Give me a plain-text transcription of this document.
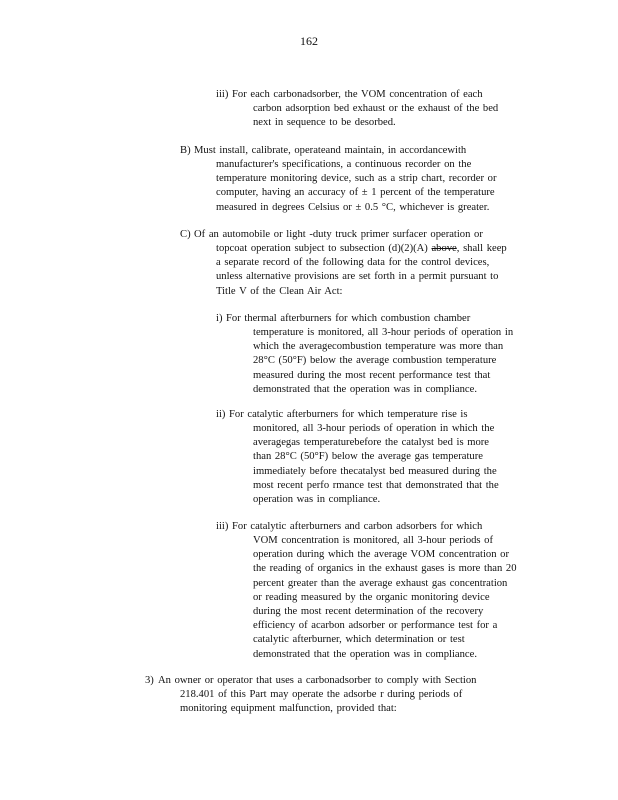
162
iii) For each carbonadsorber, the VOM concentration of each
carbon adsorption bed exhaust or the exhaust of the bed
next in sequence to be desorbed.
B) Must install, calibrate, operateand maintain, in accordancewith
manufacturer's specifications, a continuous recorder on the
temperature monitoring device, such as a strip chart, recorder or
computer, having an accuracy of ± 1 percent of the temperature
measured in degrees Celsius or ± 0.5 °C, whichever is greater.
C) Of an automobile or light -duty truck primer surfacer operation or
topcoat operation subject to subsection (d)(2)(A) above, shall keep
a separate record of the following data for the control devices,
unless alternative provisions are set forth in a permit pursuant to
Title V of the Clean Air Act:
i) For thermal afterburners for which combustion chamber
temperature is monitored, all 3-hour periods of operation in
which the averagecombustion temperature was more than
28°C (50°F) below the average combustion temperature
measured during the most recent performance test that
demonstrated that the operation was in compliance.
ii) For catalytic afterburners for which temperature rise is
monitored, all 3-hour periods of operation in which the
averagegas temperaturebefore the catalyst bed is more
than 28°C (50°F) below the average gas temperature
immediately before thecatalyst bed measured during the
most recent perfo rmance test that demonstrated that the
operation was in compliance.
iii) For catalytic afterburners and carbon adsorbers for which
VOM concentration is monitored, all 3-hour periods of
operation during which the average VOM concentration or
the reading of organics in the exhaust gases is more than 20
percent greater than the average exhaust gas concentration
or reading measured by the organic monitoring device
during the most recent determination of the recovery
efficiency of acarbon adsorber or performance test for a
catalytic afterburner, which determination or test
demonstrated that the operation was in compliance.
3) An owner or operator that uses a carbonadsorber to comply with Section
218.401 of this Part may operate the adsorbe r during periods of
monitoring equipment malfunction, provided that:
